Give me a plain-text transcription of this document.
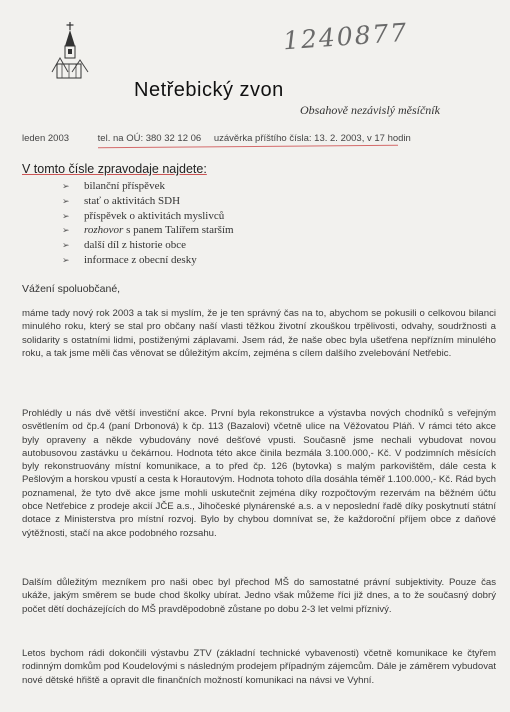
1240877
Netřebický zvon
Obsahově nezávislý měsíčník
leden 2003	tel. na OÚ: 380 32 12 06 uzávěrka příštího čísla: 13. 2. 2003, v 17 hodin
V tomto čísle zpravodaje najdete:
➢ bilanční příspěvek
➢ stať o aktivitách SDH
➢ příspěvek o aktivitách myslivců
➢ rozhovor s panem Talířem starším
➢ další díl z historie obce
➢ informace z obecní desky
Vážení spoluobčané,

máme tady nový rok 2003 a tak si myslím, že je ten správný čas na to, abychom se pokusili o celkovou bilanci minulého roku, který se stal pro občany naší vlasti těžkou životní zkouškou trpělivosti, odvahy, soudržnosti a solidarity s ostatními lidmi, postiženými záplavami. Jsem rád, že naše obec byla ušetřena nepřízním minulého roku, a tak jsme měli čas věnovat se důležitým akcím, zejména s cílem dalšího zvelebování Netřebic.

Prohlédly u nás dvě větší investiční akce. První byla rekonstrukce a výstavba nových chodníků s veřejným osvětlením od čp.4 (paní Drbonová) k čp. 113 (Bazalovi) včetně ulice na Věžovatou Pláň. V rámci této akce byly opraveny a někde vybudovány nové dešťové vpusti. Současně jsme nechali vybudovat novou autobusovou zastávku u čekárnou. Hodnota této akce činila bezmála 3.100.000,- Kč. V podzimních měsících byly rekonstruovány místní komunikace, a to před čp. 126 (bytovka) s malým parkovištěm, dále cesta k Pešlovým a horskou vpustí a cesta k Horautovým. Hodnota tohoto díla dosáhla téměř 1.100.000,- Kč. Rád bych poznamenal, že tyto dvě akce jsme mohli uskutečnit zejména díky rozpočtovým rezervám na běžném účtu obce Netřebice z prodeje akcií JČE a.s., Jihočeské plynárenské a.s. a v neposlední řadě díky poskytnutí státní dotace z Ministerstva pro místní rozvoj. Bylo by chybou domnívat se, že každoroční příjem obce z daňové výtěžnosti, stačí na akce podobného rozsahu.

Dalším důležitým mezníkem pro naši obec byl přechod MŠ do samostatné právní subjektivity. Pouze čas ukáže, jakým směrem se bude chod školky ubírat. Jedno však můžeme říci již dnes, a to že současný dobrý počet dětí docházejících do MŠ pravděpodobně zůstane po dobu 2-3 let velmi příznivý.

Letos bychom rádi dokončili výstavbu ZTV (základní technické vybavenosti) včetně komunikace ke čtyřem rodinným domkům pod Koudelovými s následným prodejem případným zájemcům. Dále je záměrem vybudovat nové dětské hřiště a opravit dle finančních možností komunikaci na návsi ve Vyhní.
